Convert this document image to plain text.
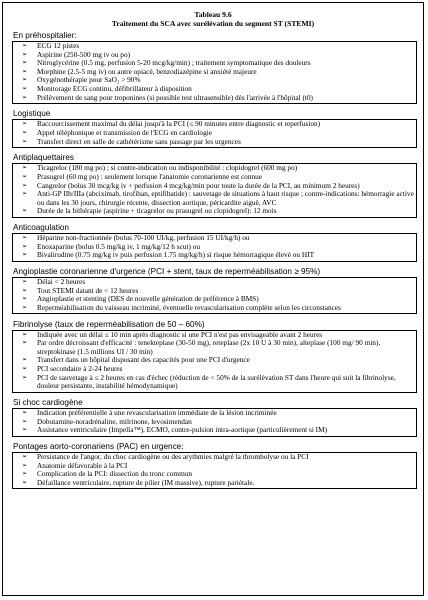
Tableau 9.6
Traitement du SCA avec surélévation du segment ST (STEMI)
En préhospitalier:
➢ ECG 12 pistes
➢ Aspirine (250-500 mg iv ou po)
➢ Nitroglycérine (0.5 mg, perfusion 5-20 mcg/kg/min) ; traitement symptomatique des douleurs
➢ Morphine (2.5-5 mg iv) ou autre opiacé, benzodiazépine si anxiété majeure
➢ Oxygénothérapie pour SaO₂ > 90%
➢ Monitorage ECG continu, défibrillateur à disposition
➢ Prélèvement de sang pour troponines (si possible test ultrasensible) dès l'arrivée à l'hôpital (t0)
Logistique
➢ Raccourcissement maximal du délai jusqu'à la PCI (≤ 90 minutes entre diagnostic et reperfusion)
➢ Appel téléphonique et transmission de l'ECG en cardiologie
➢ Transfert direct en salle de cathétérisme sans passage par les urgences
Antiplaquettaires
➢ Ticagrelor (180 mg po) ; si contre-indication ou indisponibilité : clopidogrel (600 mg po)
➢ Prasugrel (60 mg po) : seulement lorsque l'anatomie coronarienne est connue
➢ Cangrelor (bolus 30 mcg/kg iv + perfusion 4 mcg/kg/min pour toute la durée de la PCI, au minimum 2 heures)
➢ Anti-GP IIb/IIIa (abciximab, tirofiban, eptifibatide) : sauvetage de situations à haut risque ; contre-indications: hémorragie active ou dans les 30 jours, chirurgie récente, dissection aortique, péricardite aiguë, AVC
➢ Durée de la bithérapie (aspirine + ticagrelor ou prasugrel ou clopidogrel): 12 mois
Anticoagulation
➢ Héparine non-fractionnée (bolus 70-100 UI/kg, perfusion 15 UI/kg/h) ou
➢ Enoxaparine (bolus 0.5 mg/kg iv, 1 mg/kg/12 h scut) ou
➢ Bivalirudine (0.75 mg/kg iv puis perfusion 1.75 mg/kg/h) si risque hémorragique élevé ou HIT
Angioplastie coronarienne d'urgence (PCI + stent, taux de reperméabilisation ≥ 95%)
➢ Délai < 2 heures
➢ Tout STEMI datant de < 12 heures
➢ Angioplastie et stenting (DES de nouvelle génération de préférence à BMS)
➢ Reperméabilisation du vaisseau incriminé, éventuelle revascularisation complète selon les circonstances
Fibrinolyse (taux de reperméabilisation de 50 – 60%)
➢ Indiquée avec un délai ≤ 10 min après diagnostic si une PCI n'est pas envisageable avant 2 heures
➢ Par ordre décroissant d'efficacité : tenekteplase (30-50 mg), reteplase (2x 10 U à 30 min), alteplase (100 mg/ 90 min), streptokinase (1.5 millions UI / 30 min)
➢ Transfert dans un hôpital disposant des capacités pour une PCI d'urgence
➢ PCI secondaire à 2-24 heures
➢ PCI de sauvetage à ≤ 2 heures en cas d'échec (réduction de < 50% de la surélévation ST dans l'heure qui suit la fibrinolyse, douleur persistante, instabilité hémodynamique)
Si choc cardiogène
➢ Indication préférentielle à une revascularisation immédiate de la lésion incriminée
➢ Dobutamine-noradrénaline, milrinone, levosimendan
➢ Assistance ventriculaire (Impella™), ECMO, contre-pulsion intra-aortique (particulièrement si IM)
Pontages aorto-coronariens (PAC) en urgence:
➢ Persistance de l'angor, du choc cardiogène ou des arythmies malgré la thrombolyse ou la PCI
➢ Anatomie défavorable à la PCI
➢ Complication de la PCI: dissection du tronc commun
➢ Défaillance ventriculaire, rupture de pilier (IM massive), rupture pariétale.
